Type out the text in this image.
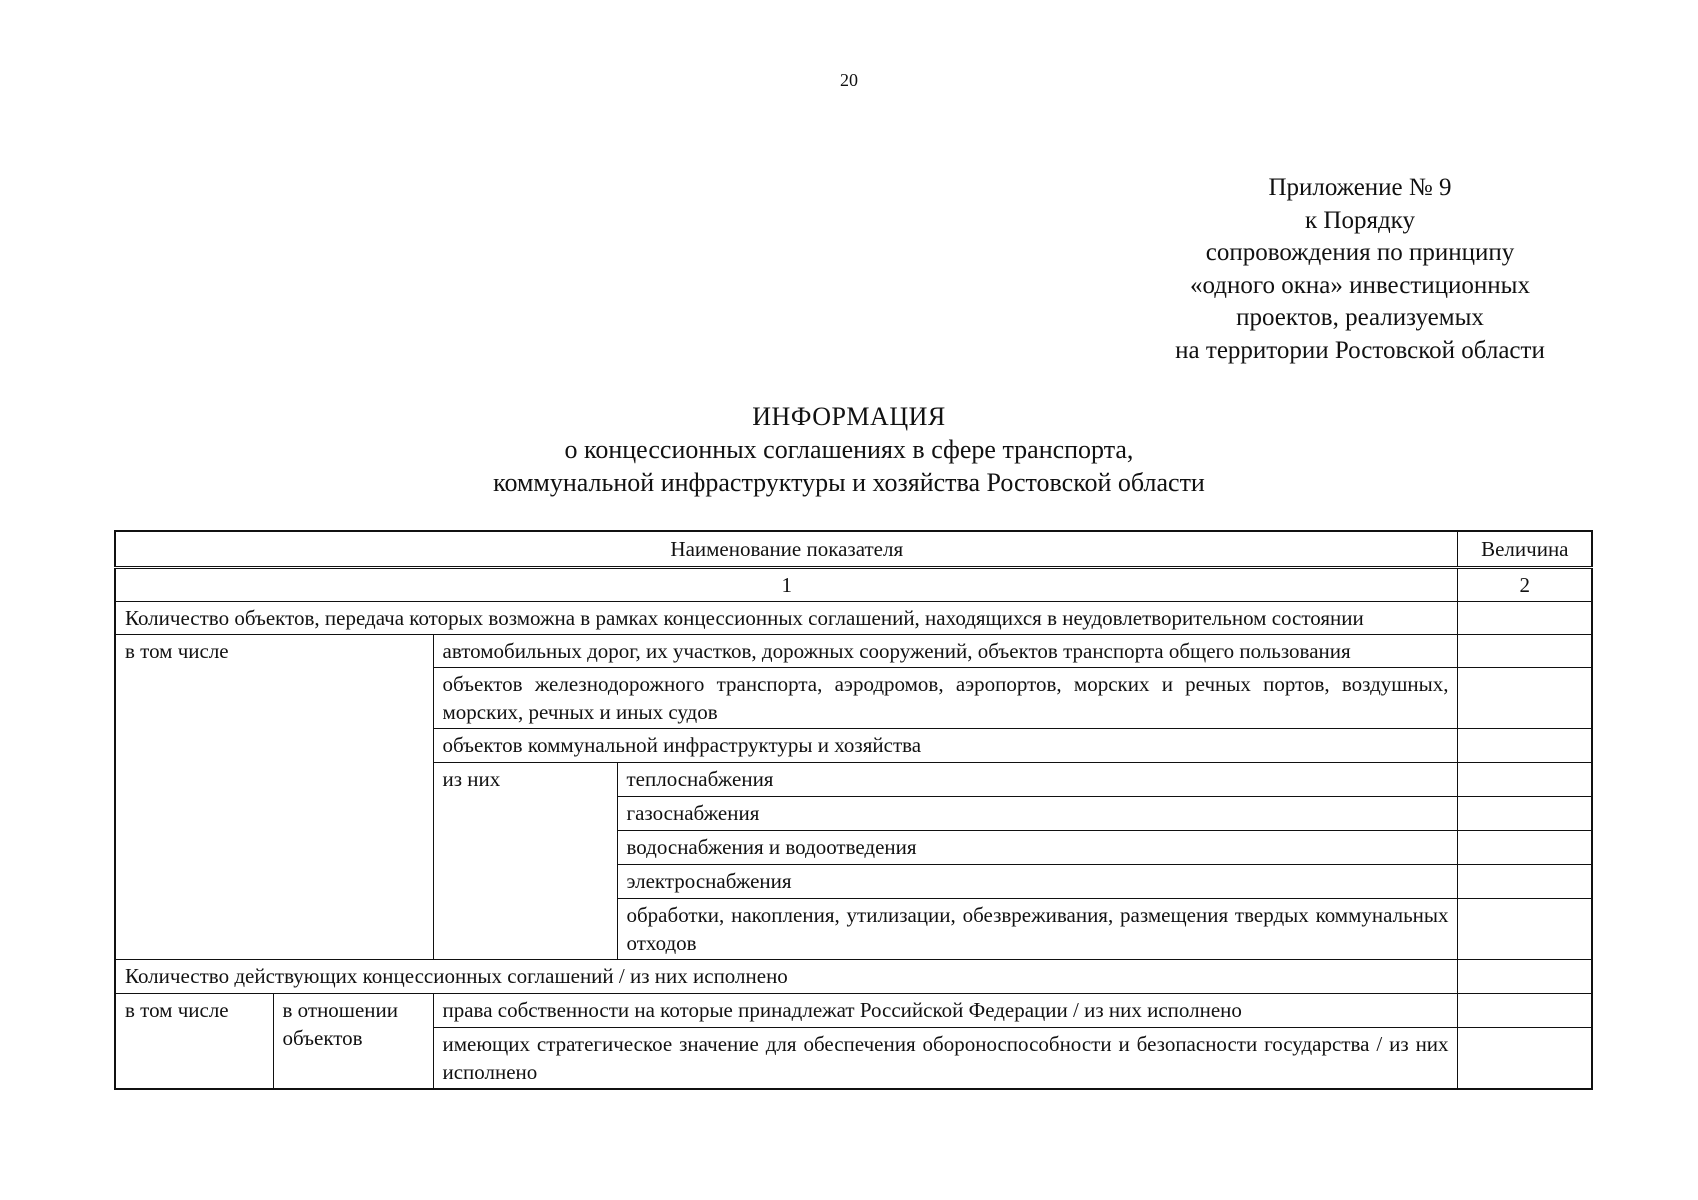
20
Приложение № 9
к Порядку
сопровождения по принципу
«одного окна» инвестиционных
проектов, реализуемых
на территории Ростовской области
ИНФОРМАЦИЯ
о концессионных соглашениях в сфере транспорта,
коммунальной инфраструктуры и хозяйства Ростовской области
Наименование показателя				Величина
1				2
Количество объектов, передача которых возможна в рамках концессионных соглашений, находящихся в неудовлетворительном состоянии				
в том числе		автомобильных дорог, их участков, дорожных сооружений, объектов транспорта общего пользования		
		объектов железнодорожного транспорта, аэродромов, аэропортов, морских и речных портов, воздушных, морских, речных и иных судов		
		объектов коммунальной инфраструктуры и хозяйства		
		из них	теплоснабжения	
			газоснабжения	
			водоснабжения и водоотведения	
			электроснабжения	
			обработки, накопления, утилизации, обезвреживания, размещения твердых коммунальных отходов	
Количество действующих концессионных соглашений / из них исполнено				
в том числе	в отношении объектов	права собственности на которые принадлежат Российской Федерации / из них исполнено		
		имеющих стратегическое значение для обеспечения обороноспособности и безопасности государства / из них исполнено		
